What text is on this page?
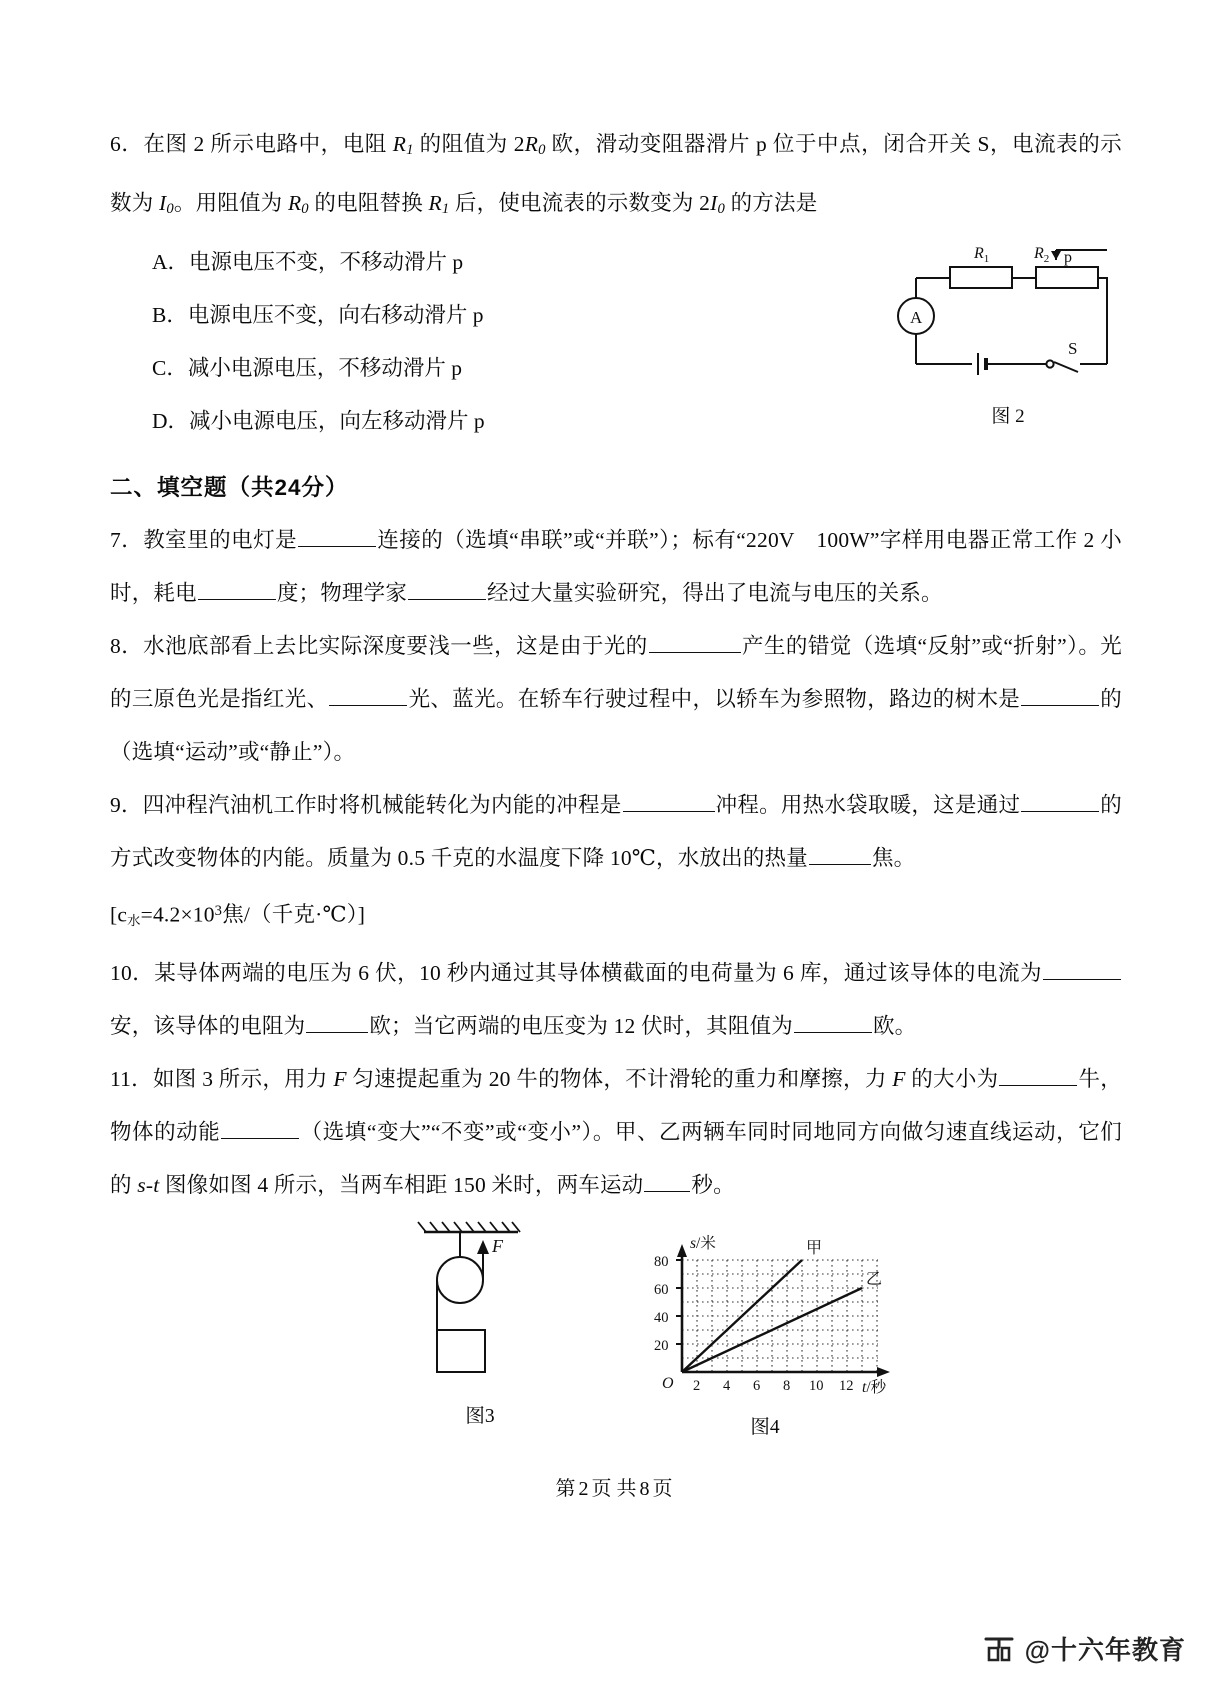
6．在图 2 所示电路中，电阻 $R_1$ 的阻值为 $2R_0$ 欧，滑动变阻器滑片 p 位于中点，闭合开关 S，电流表的示数为 $I_0$。用阻值为 $R_0$ 的电阻替换 $R_1$ 后，使电流表的示数变为 $2I_0$ 的方法是
A．电源电压不变，不移动滑片 p
B．电源电压不变，向右移动滑片 p
C．减小电源电压，不移动滑片 p
D．减小电源电压，向左移动滑片 p
$R_1$	$R_2$ p
A
S
图 2
二、填空题（共24分）
7．教室里的电灯是	连接的（选填“串联”或“并联”）；标有“220V　100W”字样用电器正常工作 2 小时，耗电	度；物理学家	经过大量实验研究，得出了电流与电压的关系。
8．水池底部看上去比实际深度要浅一些，这是由于光的	产生的错觉（选填“反射”或“折射”）。光的三原色光是指红光、	光、蓝光。在轿车行驶过程中，以轿车为参照物，路边的树木是	的（选填“运动”或“静止”）。
9．四冲程汽油机工作时将机械能转化为内能的冲程是	冲程。用热水袋取暖，这是通过	的方式改变物体的内能。质量为 0.5 千克的水温度下降 10℃，水放出的热量	焦。
[c水$=4.2\times 10^3$焦/（千克·℃）]
10．某导体两端的电压为 6 伏，10 秒内通过其导体横截面的电荷量为 6 库，通过该导体的电流为安，该导体的电阻为	欧；当它两端的电压变为 12 伏时，其阻值为	欧。
11．如图 3 所示，用力 F 匀速提起重为 20 牛的物体，不计滑轮的重力和摩擦，力 F 的大小为	牛，物体的动能	（选填“变大”“不变”或“变小”）。甲、乙两辆车同时同地同方向做匀速直线运动，它们的 s-t 图像如图 4 所示，当两车相距 150 米时，两车运动 秒。
F
图3
80
60
40
20
2 4 6 8 10 12
O
s/米
t/秒
甲
乙
图4
第 2 页 共 8 页
@十六年教育
